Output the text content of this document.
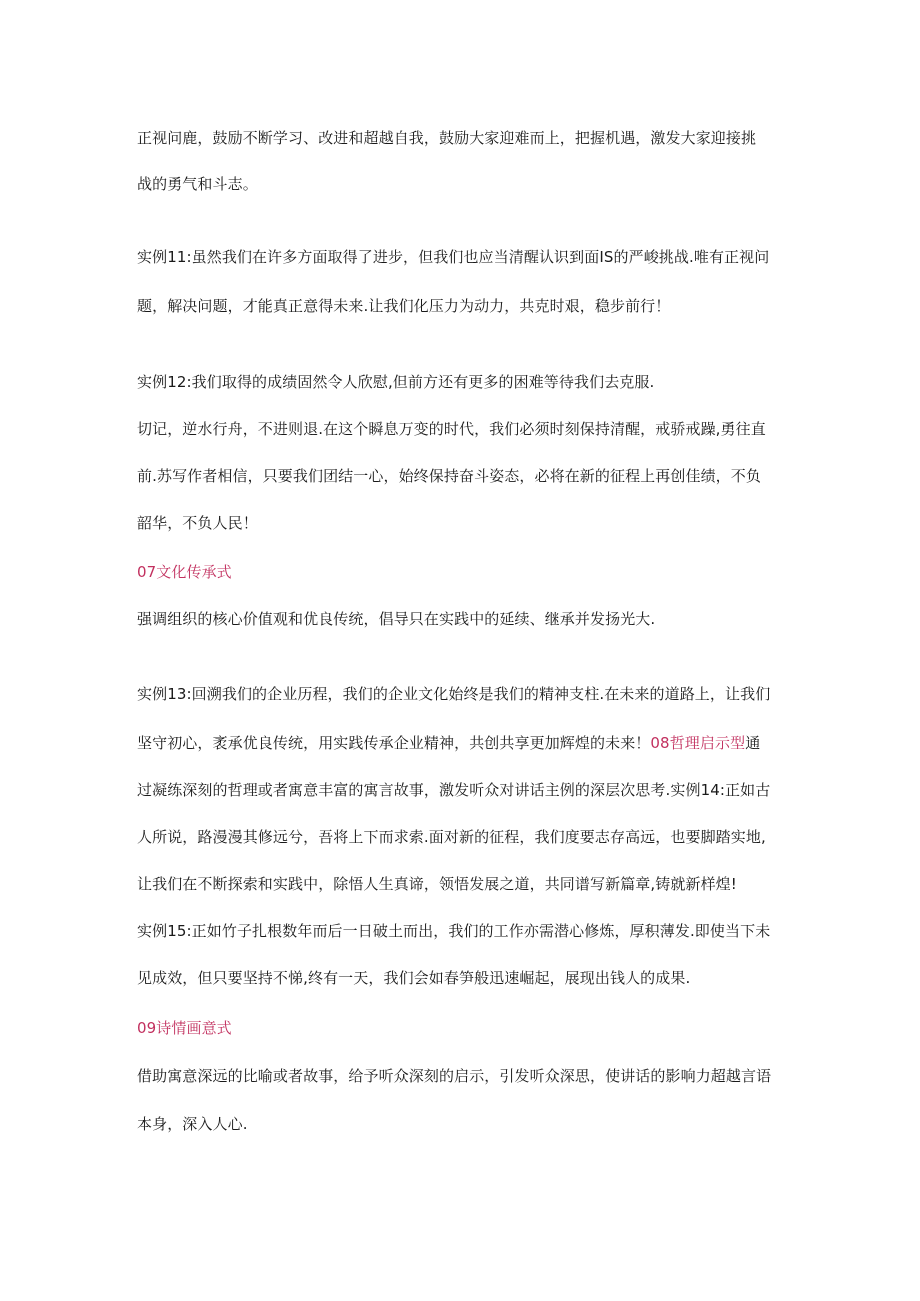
正视问鹿，鼓励不断学习、改进和超越自我，鼓励大家迎难而上，把握机遇，激发大家迎接挑
战的勇气和斗志。
实例11:虽然我们在许多方面取得了进步，但我们也应当清醒认识到面IS的严峻挑战.唯有正视问
题，解决问题，才能真正意得未来.让我们化压力为动力，共克时艰，稳步前行！
实例12:我们取得的成绩固然令人欣慰,但前方还有更多的困难等待我们去克服.
切记，逆水行舟，不进则退.在这个瞬息万变的时代，我们必须时刻保持清醒，戒骄戒躁,勇往直
前.苏写作者相信，只要我们团结一心，始终保持奋斗姿态，必将在新的征程上再创佳绩，不负
韶华，不负人民！
07文化传承式
强调组织的核心价值观和优良传统，倡导只在实践中的延续、继承并发扬光大.
实例13:回溯我们的企业历程，我们的企业文化始终是我们的精神支柱.在未来的道路上，让我们
坚守初心，袤承优良传统，用实践传承企业精神，共创共享更加辉煌的未来！08哲理启示型通
过凝练深刻的哲理或者寓意丰富的寓言故事，激发听众对讲话主例的深层次思考.实例14:正如古
人所说，路漫漫其修远兮，吾将上下而求索.面对新的征程，我们度要志存高远，也要脚踏实地,
让我们在不断探索和实践中，除悟人生真谛，领悟发展之道，共同谱写新篇章,铸就新样煌!
实例15:正如竹子扎根数年而后一日破土而出，我们的工作亦需潜心修炼，厚积薄发.即使当下未
见成效，但只要坚持不悌,终有一天，我们会如春笋般迅速崛起，展现出钱人的成果.
09诗情画意式
借助寓意深远的比喻或者故事，给予听众深刻的启示，引发听众深思，使讲话的影响力超越言语
本身，深入人心.
